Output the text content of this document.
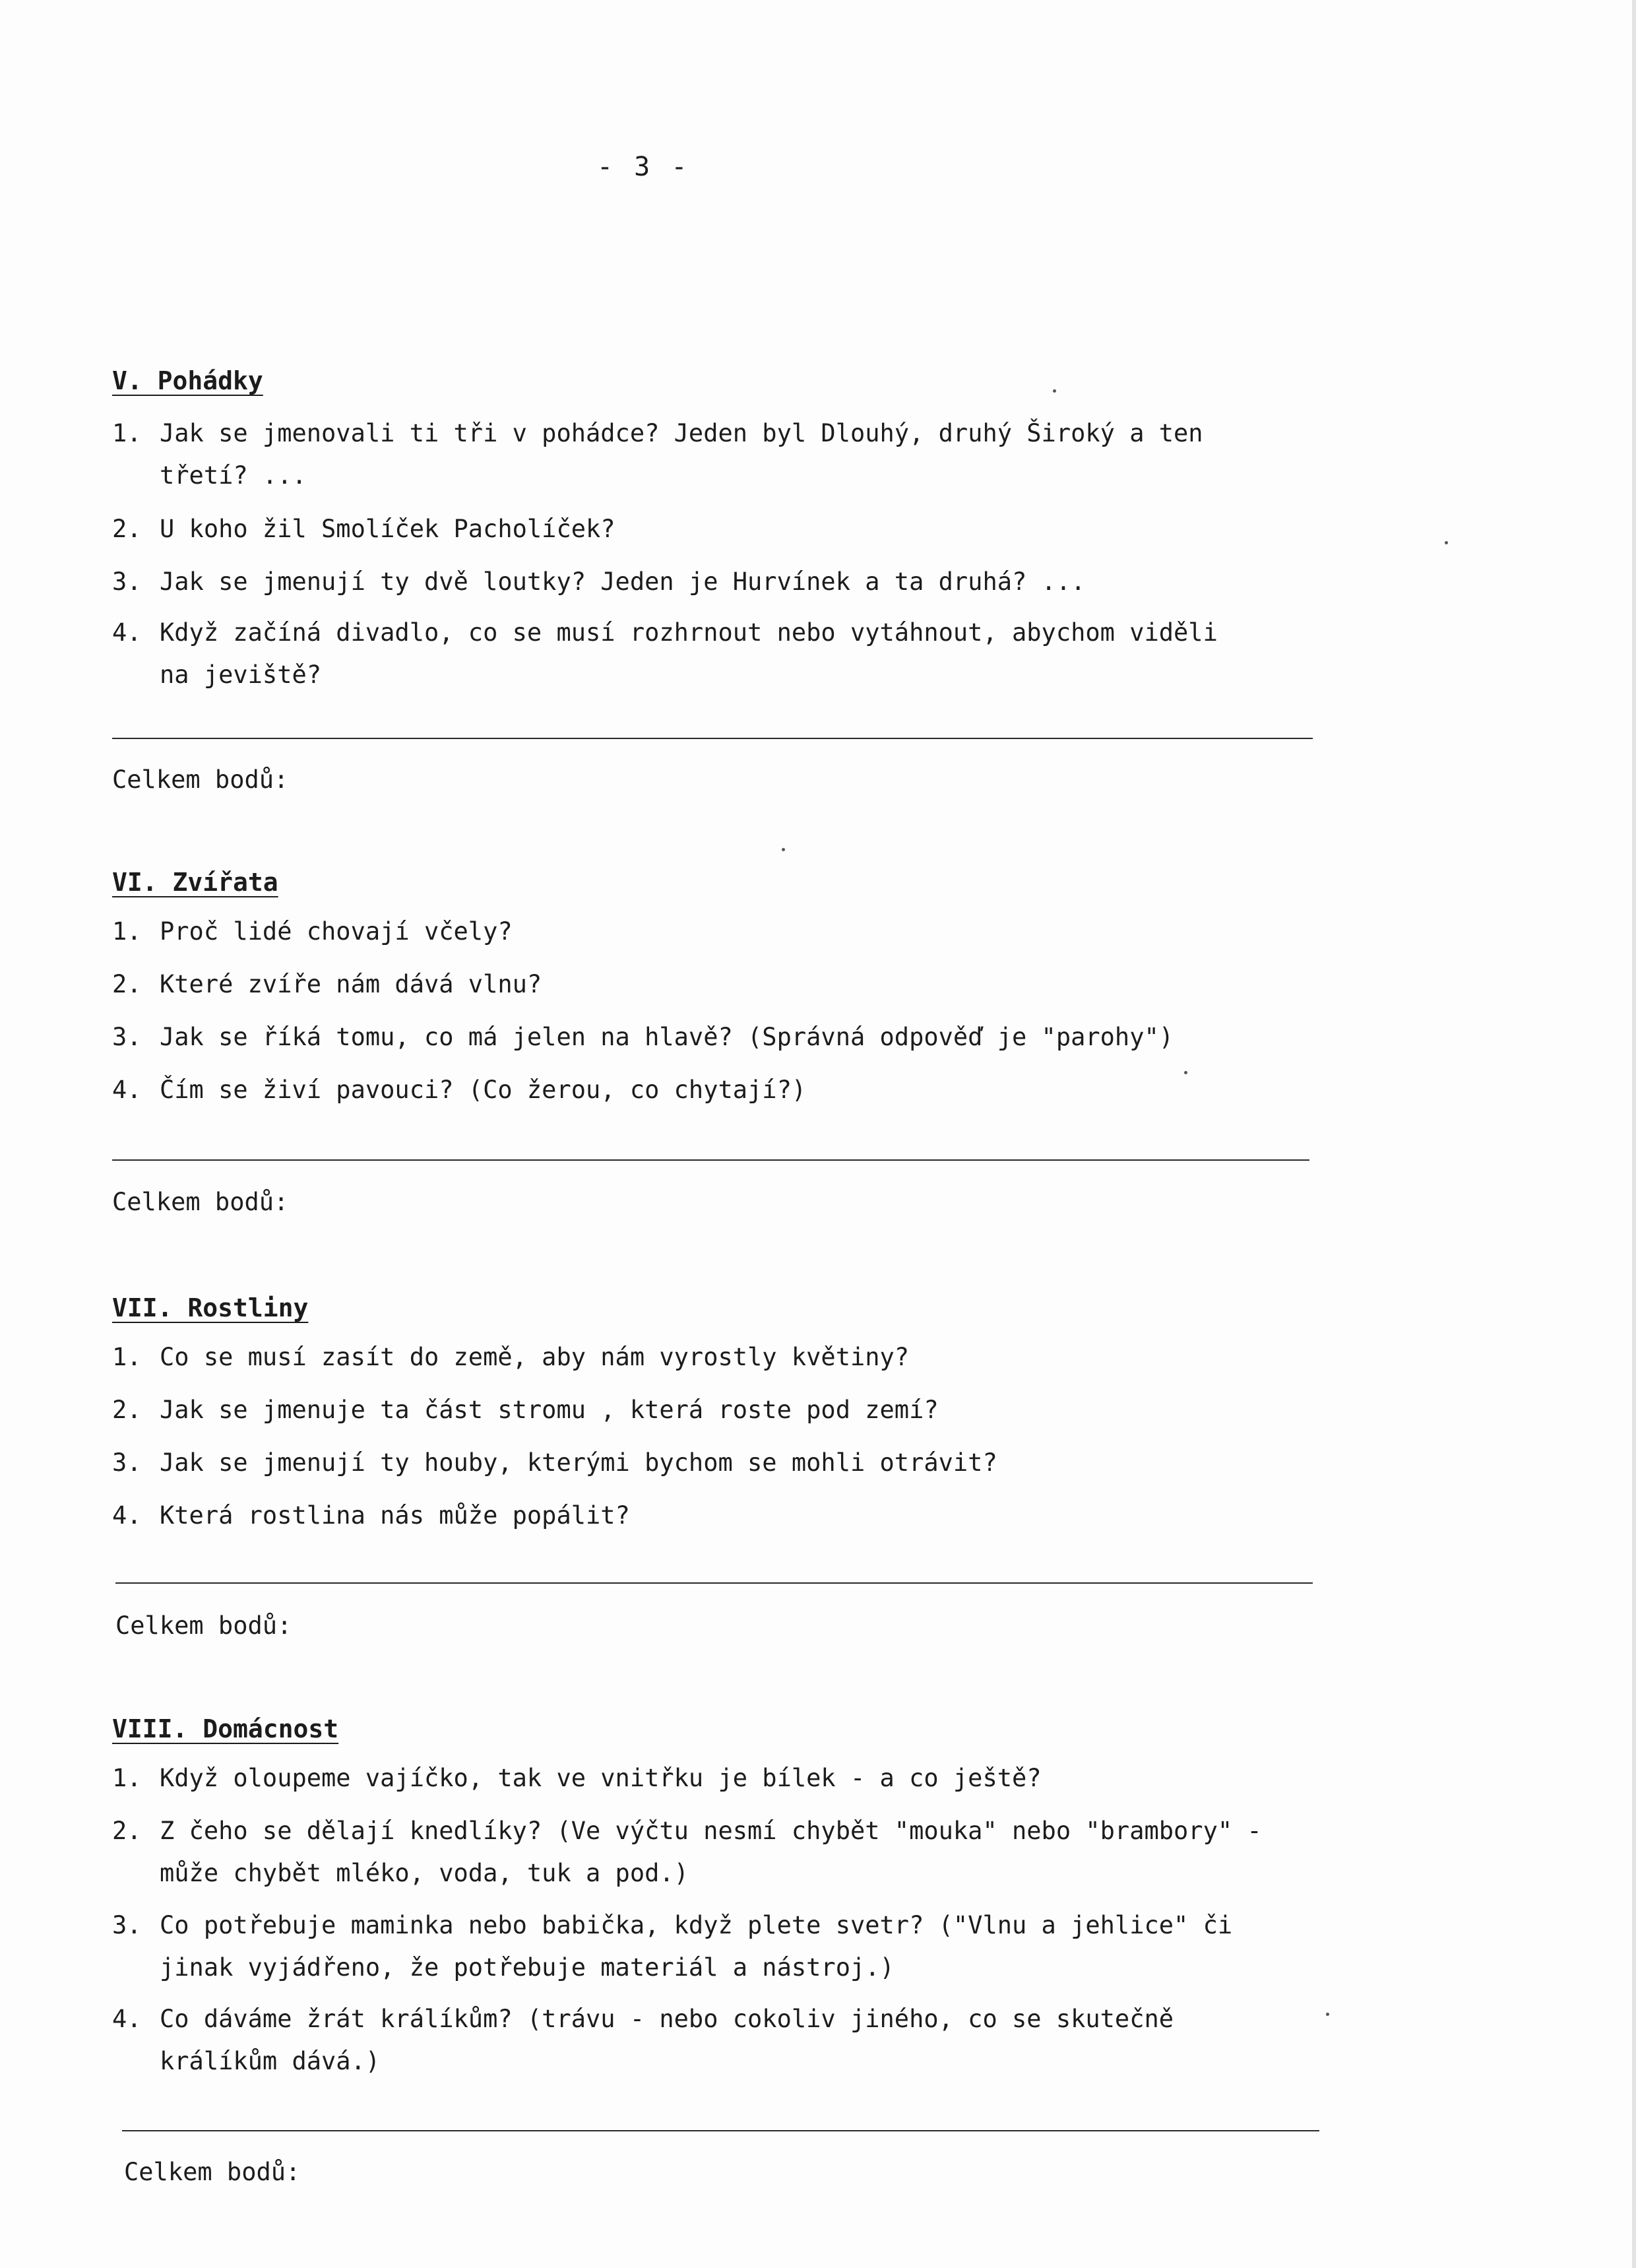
- 3 -
V. Pohádky
1. Jak se jmenovali ti tři v pohádce? Jeden byl Dlouhý, druhý Široký a ten
třetí? ...
2. U koho žil Smolíček Pacholíček?
3. Jak se jmenují ty dvě loutky? Jeden je Hurvínek a ta druhá? ...
4. Když začíná divadlo, co se musí rozhrnout nebo vytáhnout, abychom viděli
na jeviště?
Celkem bodů:
VI. Zvířata
1. Proč lidé chovají včely?
2. Které zvíře nám dává vlnu?
3. Jak se říká tomu, co má jelen na hlavě? (Správná odpověď je "parohy")
4. Čím se živí pavouci? (Co žerou, co chytají?)
Celkem bodů:
VII. Rostliny
1. Co se musí zasít do země, aby nám vyrostly květiny?
2. Jak se jmenuje ta část stromu , která roste pod zemí?
3. Jak se jmenují ty houby, kterými bychom se mohli otrávit?
4. Která rostlina nás může popálit?
Celkem bodů:
VIII. Domácnost
1. Když oloupeme vajíčko, tak ve vnitřku je bílek - a co ještě?
2. Z čeho se dělají knedlíky? (Ve výčtu nesmí chybět "mouka" nebo "brambory" -
může chybět mléko, voda, tuk a pod.)
3. Co potřebuje maminka nebo babička, když plete svetr? ("Vlnu a jehlice" či
jinak vyjádřeno, že potřebuje materiál a nástroj.)
4. Co dáváme žrát králíkům? (trávu - nebo cokoliv jiného, co se skutečně
králíkům dává.)
Celkem bodů:
